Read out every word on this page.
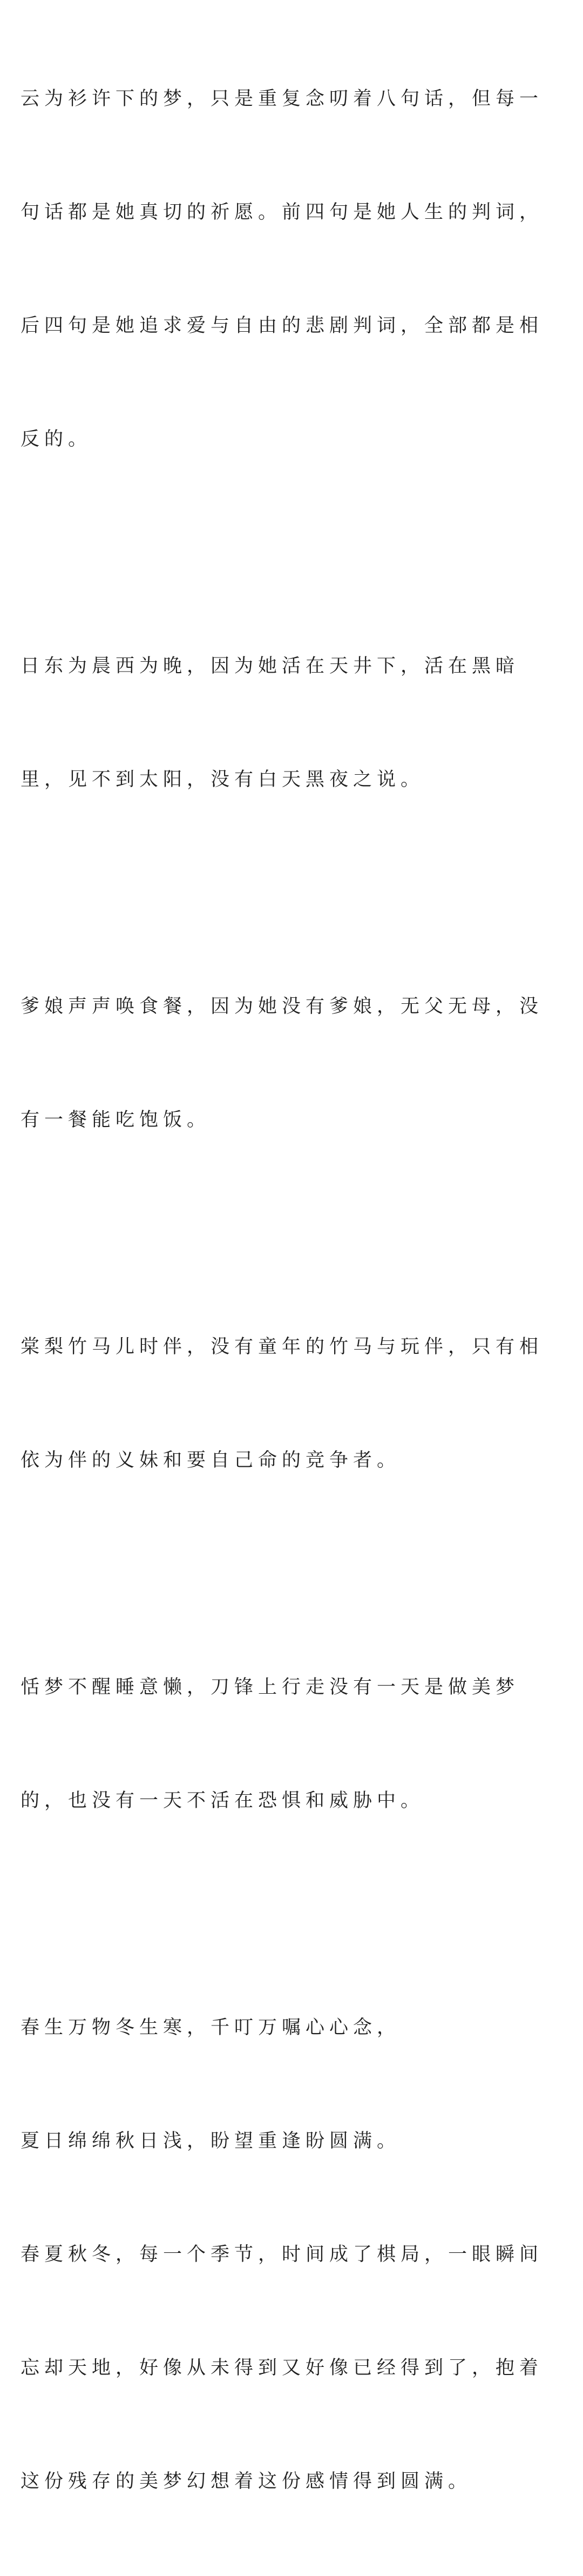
云为衫许下的梦，只是重复念叨着八句话，但每一

句话都是她真切的祈愿。前四句是她人生的判词，

后四句是她追求爱与自由的悲剧判词，全部都是相

反的。

日东为晨西为晚，因为她活在天井下，活在黑暗

里，见不到太阳，没有白天黑夜之说。

爹娘声声唤食餐，因为她没有爹娘，无父无母，没

有一餐能吃饱饭。

棠梨竹马儿时伴，没有童年的竹马与玩伴，只有相

依为伴的义妹和要自己命的竞争者。

恬梦不醒睡意懒，刀锋上行走没有一天是做美梦

的，也没有一天不活在恐惧和威胁中。

春生万物冬生寒，千叮万嘱心心念，

夏日绵绵秋日浅，盼望重逢盼圆满。

春夏秋冬，每一个季节，时间成了棋局，一眼瞬间

忘却天地，好像从未得到又好像已经得到了，抱着

这份残存的美梦幻想着这份感情得到圆满。
